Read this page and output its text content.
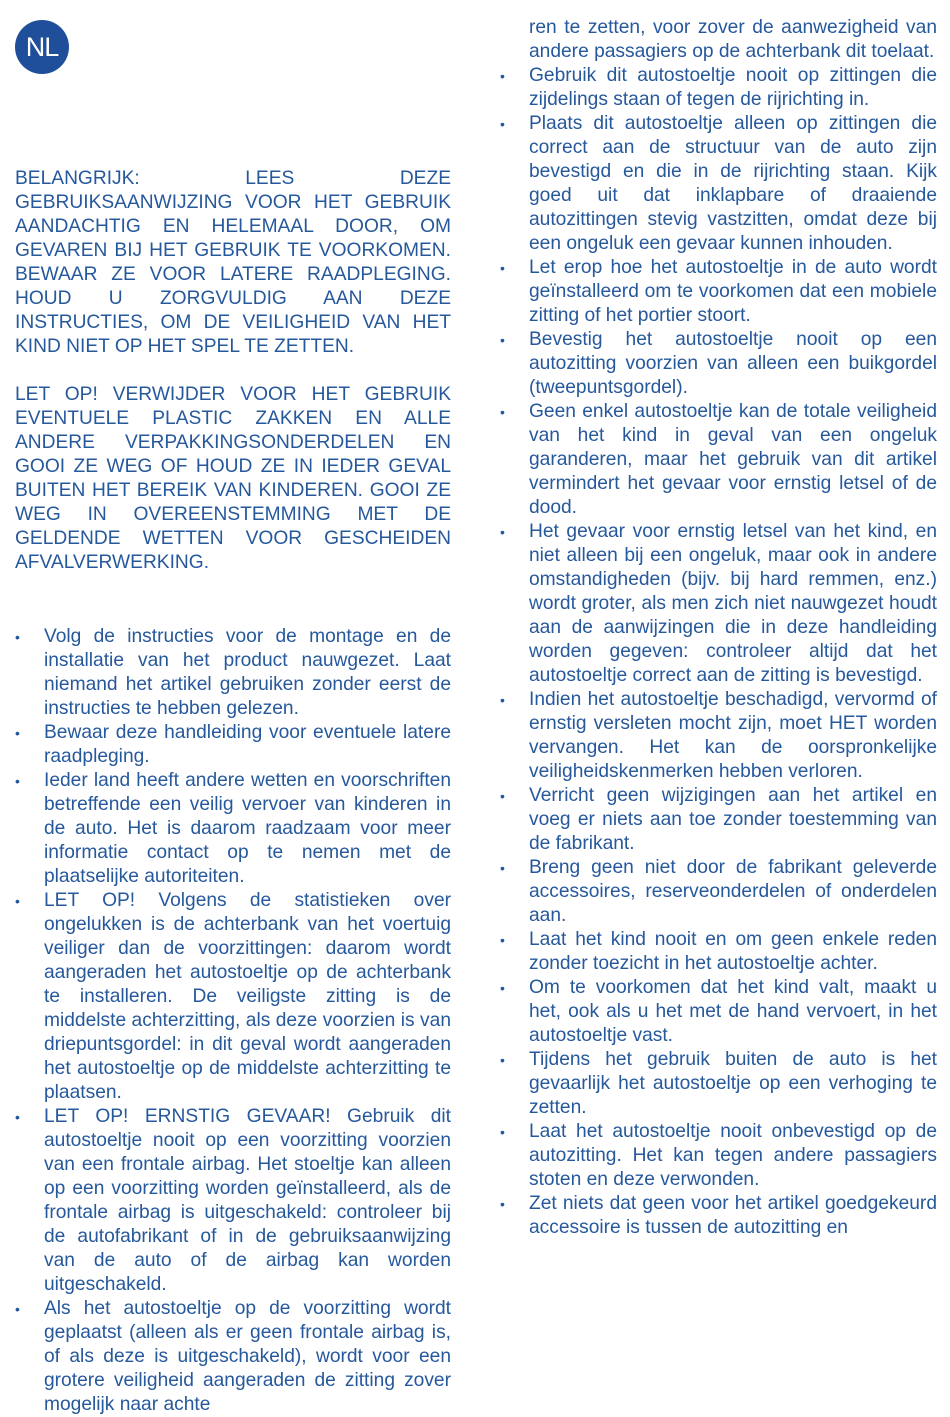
NL

BELANGRIJK: LEES DEZE GEBRUIKSAANWIJZING VOOR HET GEBRUIK AANDACHTIG EN HELEMAAL DOOR, OM GEVAREN BIJ HET GEBRUIK TE VOORKOMEN. BEWAAR ZE VOOR LATERE RAADPLEGING. HOUD U ZORGVULDIG AAN DEZE INSTRUCTIES, OM DE VEILIGHEID VAN HET KIND NIET OP HET SPEL TE ZETTEN.

LET OP! VERWIJDER VOOR HET GEBRUIK EVENTUELE PLASTIC ZAKKEN EN ALLE ANDERE VERPAKKINGSONDERDELEN EN GOOI ZE WEG OF HOUD ZE IN IEDER GEVAL BUITEN HET BEREIK VAN KINDEREN. GOOI ZE WEG IN OVEREENSTEMMING MET DE GELDENDE WETTEN VOOR GESCHEIDEN AFVALVERWERKING.

• Volg de instructies voor de montage en de installatie van het product nauwgezet. Laat niemand het artikel gebruiken zonder eerst de instructies te hebben gelezen.
• Bewaar deze handleiding voor eventuele latere raadpleging.
• Ieder land heeft andere wetten en voorschriften betreffende een veilig vervoer van kinderen in de auto. Het is daarom raadzaam voor meer informatie contact op te nemen met de plaatselijke autoriteiten.
• LET OP! Volgens de statistieken over ongelukken is de achterbank van het voertuig veiliger dan de voorzittingen: daarom wordt aangeraden het autostoeltje op de achterbank te installeren. De veiligste zitting is de middelste achterzitting, als deze voorzien is van driepuntsgordel: in dit geval wordt aangeraden het autostoeltje op de middelste achterzitting te plaatsen.
• LET OP! ERNSTIG GEVAAR! Gebruik dit autostoeltje nooit op een voorzitting voorzien van een frontale airbag. Het stoeltje kan alleen op een voorzitting worden geïnstalleerd, als de frontale airbag is uitgeschakeld: controleer bij de autofabrikant of in de gebruiksaanwijzing van de auto of de airbag kan worden uitgeschakeld.
• Als het autostoeltje op de voorzitting wordt geplaatst (alleen als er geen frontale airbag is, of als deze is uitgeschakeld), wordt voor een grotere veiligheid aangeraden de zitting zover mogelijk naar achte
ren te zetten, voor zover de aanwezigheid van andere passagiers op de achterbank dit toelaat.
• Gebruik dit autostoeltje nooit op zittingen die zijdelings staan of tegen de rijrichting in.
• Plaats dit autostoeltje alleen op zittingen die correct aan de structuur van de auto zijn bevestigd en die in de rijrichting staan. Kijk goed uit dat inklapbare of draaiende autozittingen stevig vastzitten, omdat deze bij een ongeluk een gevaar kunnen inhouden.
• Let erop hoe het autostoeltje in de auto wordt geïnstalleerd om te voorkomen dat een mobiele zitting of het portier stoort.
• Bevestig het autostoeltje nooit op een autozitting voorzien van alleen een buikgordel (tweepuntsgordel).
• Geen enkel autostoeltje kan de totale veiligheid van het kind in geval van een ongeluk garanderen, maar het gebruik van dit artikel vermindert het gevaar voor ernstig letsel of de dood.
• Het gevaar voor ernstig letsel van het kind, en niet alleen bij een ongeluk, maar ook in andere omstandigheden (bijv. bij hard remmen, enz.) wordt groter, als men zich niet nauwgezet houdt aan de aanwijzingen die in deze handleiding worden gegeven: controleer altijd dat het autostoeltje correct aan de zitting is bevestigd.
• Indien het autostoeltje beschadigd, vervormd of ernstig versleten mocht zijn, moet HET worden vervangen. Het kan de oorspronkelijke veiligheidskenmerken hebben verloren.
• Verricht geen wijzigingen aan het artikel en voeg er niets aan toe zonder toestemming van de fabrikant.
• Breng geen niet door de fabrikant geleverde accessoires, reserveonderdelen of onderdelen aan.
• Laat het kind nooit en om geen enkele reden zonder toezicht in het autostoeltje achter.
• Om te voorkomen dat het kind valt, maakt u het, ook als u het met de hand vervoert, in het autostoeltje vast.
• Tijdens het gebruik buiten de auto is het gevaarlijk het autostoeltje op een verhoging te zetten.
• Laat het autostoeltje nooit onbevestigd op de autozitting. Het kan tegen andere passagiers stoten en deze verwonden.
• Zet niets dat geen voor het artikel goedgekeurd accessoire is tussen de autozitting en
